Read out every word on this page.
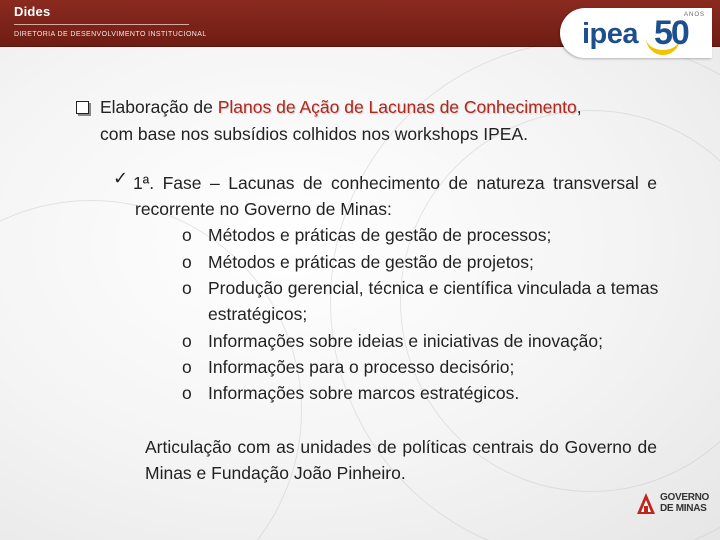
Dides
DIRETORIA DE DESENVOLVIMENTO INSTITUCIONAL	ipea 50
ANOS
Elaboração de Planos de Ação de Lacunas de Conhecimento,
com base nos subsídios colhidos nos workshops IPEA.
✓ 1ª. Fase – Lacunas de conhecimento de natureza transversal e recorrente no Governo de Minas:
o Métodos e práticas de gestão de processos;
o Métodos e práticas de gestão de projetos;
o Produção gerencial, técnica e científica vinculada a temas estratégicos;
o Informações sobre ideias e iniciativas de inovação;
o Informações para o processo decisório;
o Informações sobre marcos estratégicos.
Articulação com as unidades de políticas centrais do Governo de Minas e Fundação João Pinheiro.
GOVERNO
DE MINAS
